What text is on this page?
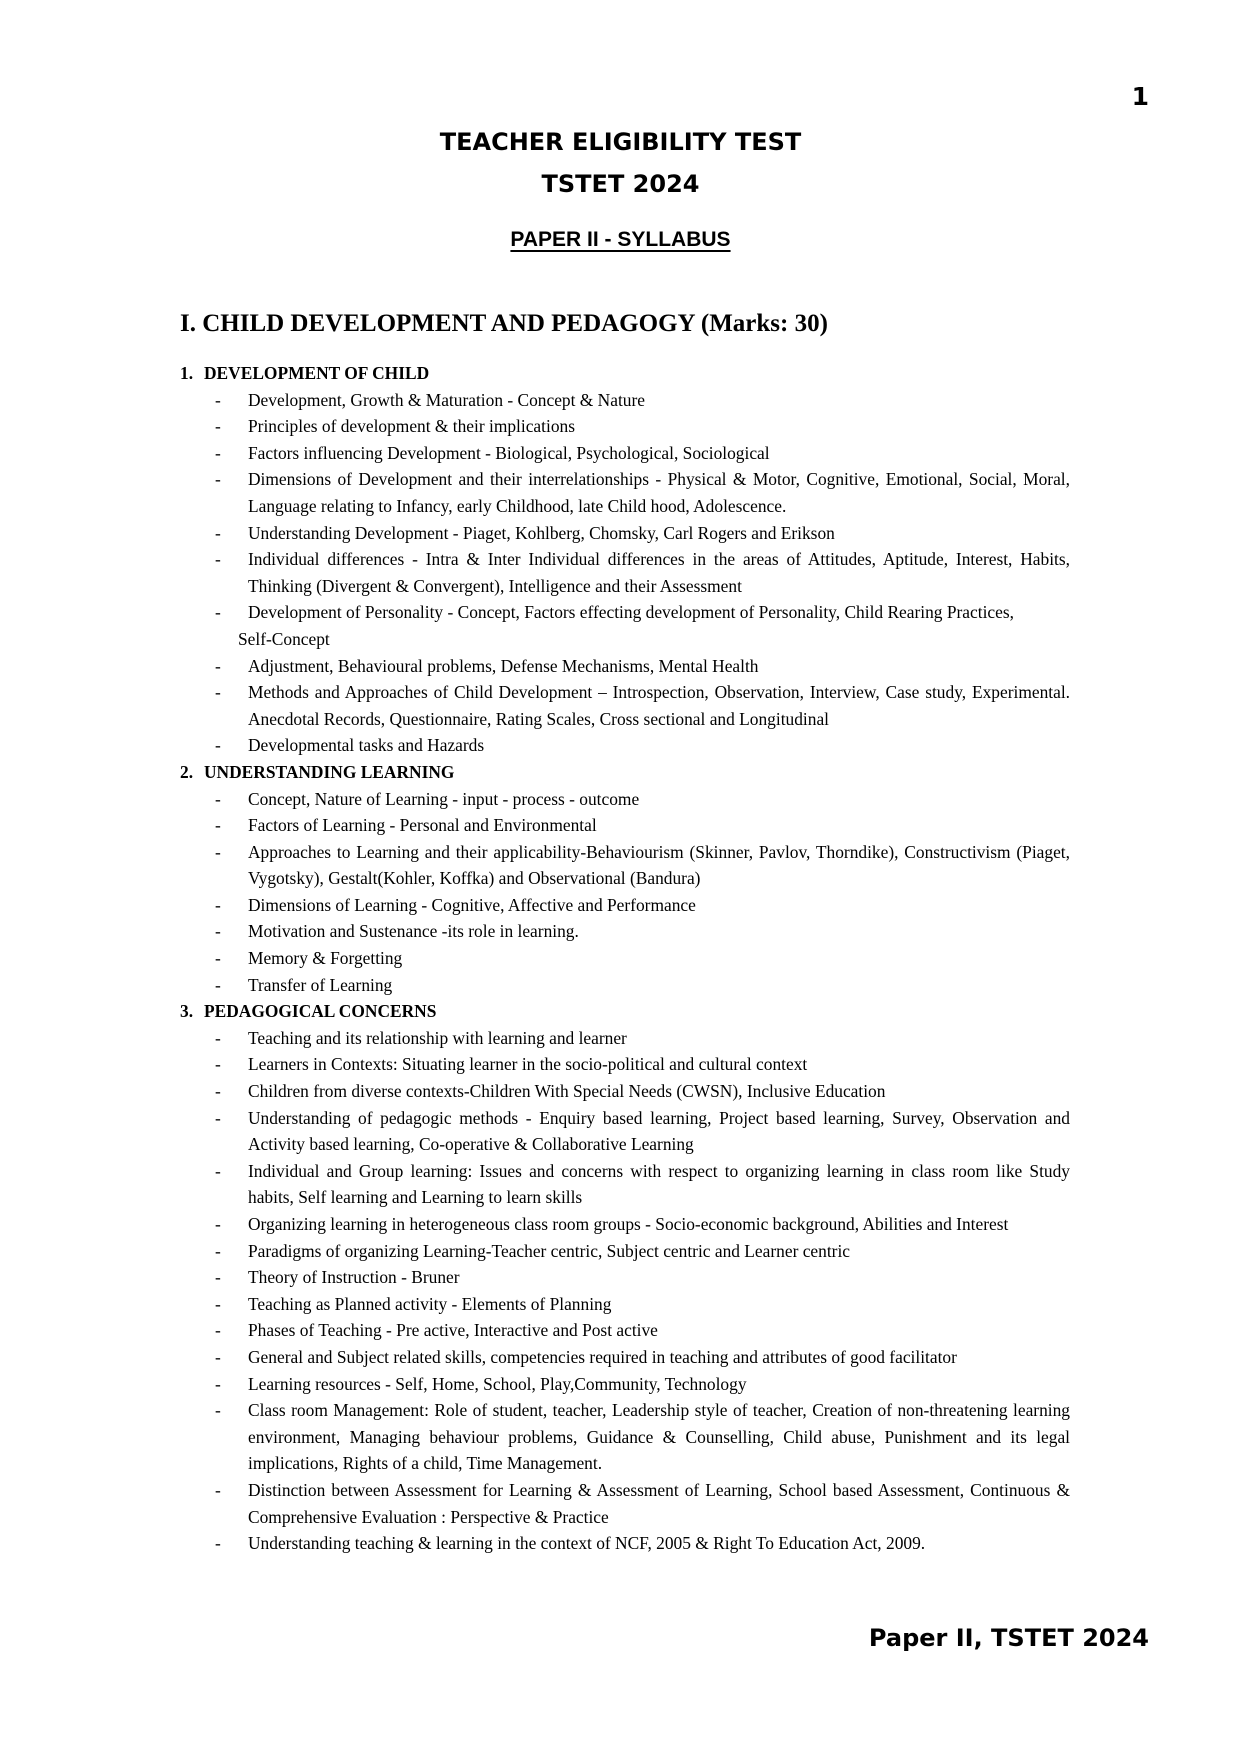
1
TEACHER ELIGIBILITY TEST
TSTET 2024
PAPER II - SYLLABUS
I. CHILD DEVELOPMENT AND PEDAGOGY (Marks: 30)
1. DEVELOPMENT OF CHILD
- Development, Growth & Maturation - Concept & Nature
- Principles of development & their implications
- Factors influencing Development - Biological, Psychological, Sociological
- Dimensions of Development and their interrelationships - Physical & Motor, Cognitive, Emotional, Social, Moral, Language relating to Infancy, early Childhood, late Child hood, Adolescence.
- Understanding Development - Piaget, Kohlberg, Chomsky, Carl Rogers and Erikson
- Individual differences - Intra & Inter Individual differences in the areas of Attitudes, Aptitude, Interest, Habits, Thinking (Divergent & Convergent), Intelligence and their Assessment
- Development of Personality - Concept, Factors effecting development of Personality, Child Rearing Practices,
Self-Concept
- Adjustment, Behavioural problems, Defense Mechanisms, Mental Health
- Methods and Approaches of Child Development – Introspection, Observation, Interview, Case study, Experimental. Anecdotal Records, Questionnaire, Rating Scales, Cross sectional and Longitudinal
- Developmental tasks and Hazards
2. UNDERSTANDING LEARNING
- Concept, Nature of Learning - input - process - outcome
- Factors of Learning - Personal and Environmental
- Approaches to Learning and their applicability-Behaviourism (Skinner, Pavlov, Thorndike), Constructivism (Piaget, Vygotsky), Gestalt(Kohler, Koffka) and Observational (Bandura)
- Dimensions of Learning - Cognitive, Affective and Performance
- Motivation and Sustenance -its role in learning.
- Memory & Forgetting
- Transfer of Learning
3. PEDAGOGICAL CONCERNS
- Teaching and its relationship with learning and learner
- Learners in Contexts: Situating learner in the socio-political and cultural context
- Children from diverse contexts-Children With Special Needs (CWSN), Inclusive Education
- Understanding of pedagogic methods - Enquiry based learning, Project based learning, Survey, Observation and Activity based learning, Co-operative & Collaborative Learning
- Individual and Group learning: Issues and concerns with respect to organizing learning in class room like Study habits, Self learning and Learning to learn skills
- Organizing learning in heterogeneous class room groups - Socio-economic background, Abilities and Interest
- Paradigms of organizing Learning-Teacher centric, Subject centric and Learner centric
- Theory of Instruction - Bruner
- Teaching as Planned activity - Elements of Planning
- Phases of Teaching - Pre active, Interactive and Post active
- General and Subject related skills, competencies required in teaching and attributes of good facilitator
- Learning resources - Self, Home, School, Play,Community, Technology
- Class room Management: Role of student, teacher, Leadership style of teacher, Creation of non-threatening learning environment, Managing behaviour problems, Guidance & Counselling, Child abuse, Punishment and its legal implications, Rights of a child, Time Management.
- Distinction between Assessment for Learning & Assessment of Learning, School based Assessment, Continuous & Comprehensive Evaluation : Perspective & Practice
- Understanding teaching & learning in the context of NCF, 2005 & Right To Education Act, 2009.
Paper II, TSTET 2024
